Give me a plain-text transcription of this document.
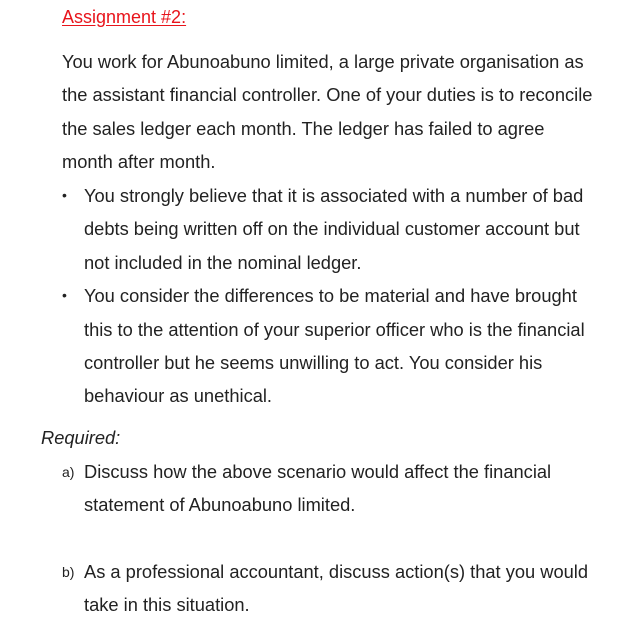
Assignment #2:

You work for Abunoabuno limited, a large private organisation as the assistant financial controller. One of your duties is to reconcile the sales ledger each month. The ledger has failed to agree month after month.

• You strongly believe that it is associated with a number of bad debts being written off on the individual customer account but not included in the nominal ledger.
• You consider the differences to be material and have brought this to the attention of your superior officer who is the financial controller but he seems unwilling to act. You consider his behaviour as unethical.
Required:
a) Discuss how the above scenario would affect the financial statement of Abunoabuno limited.
b) As a professional accountant, discuss action(s) that you would take in this situation.
